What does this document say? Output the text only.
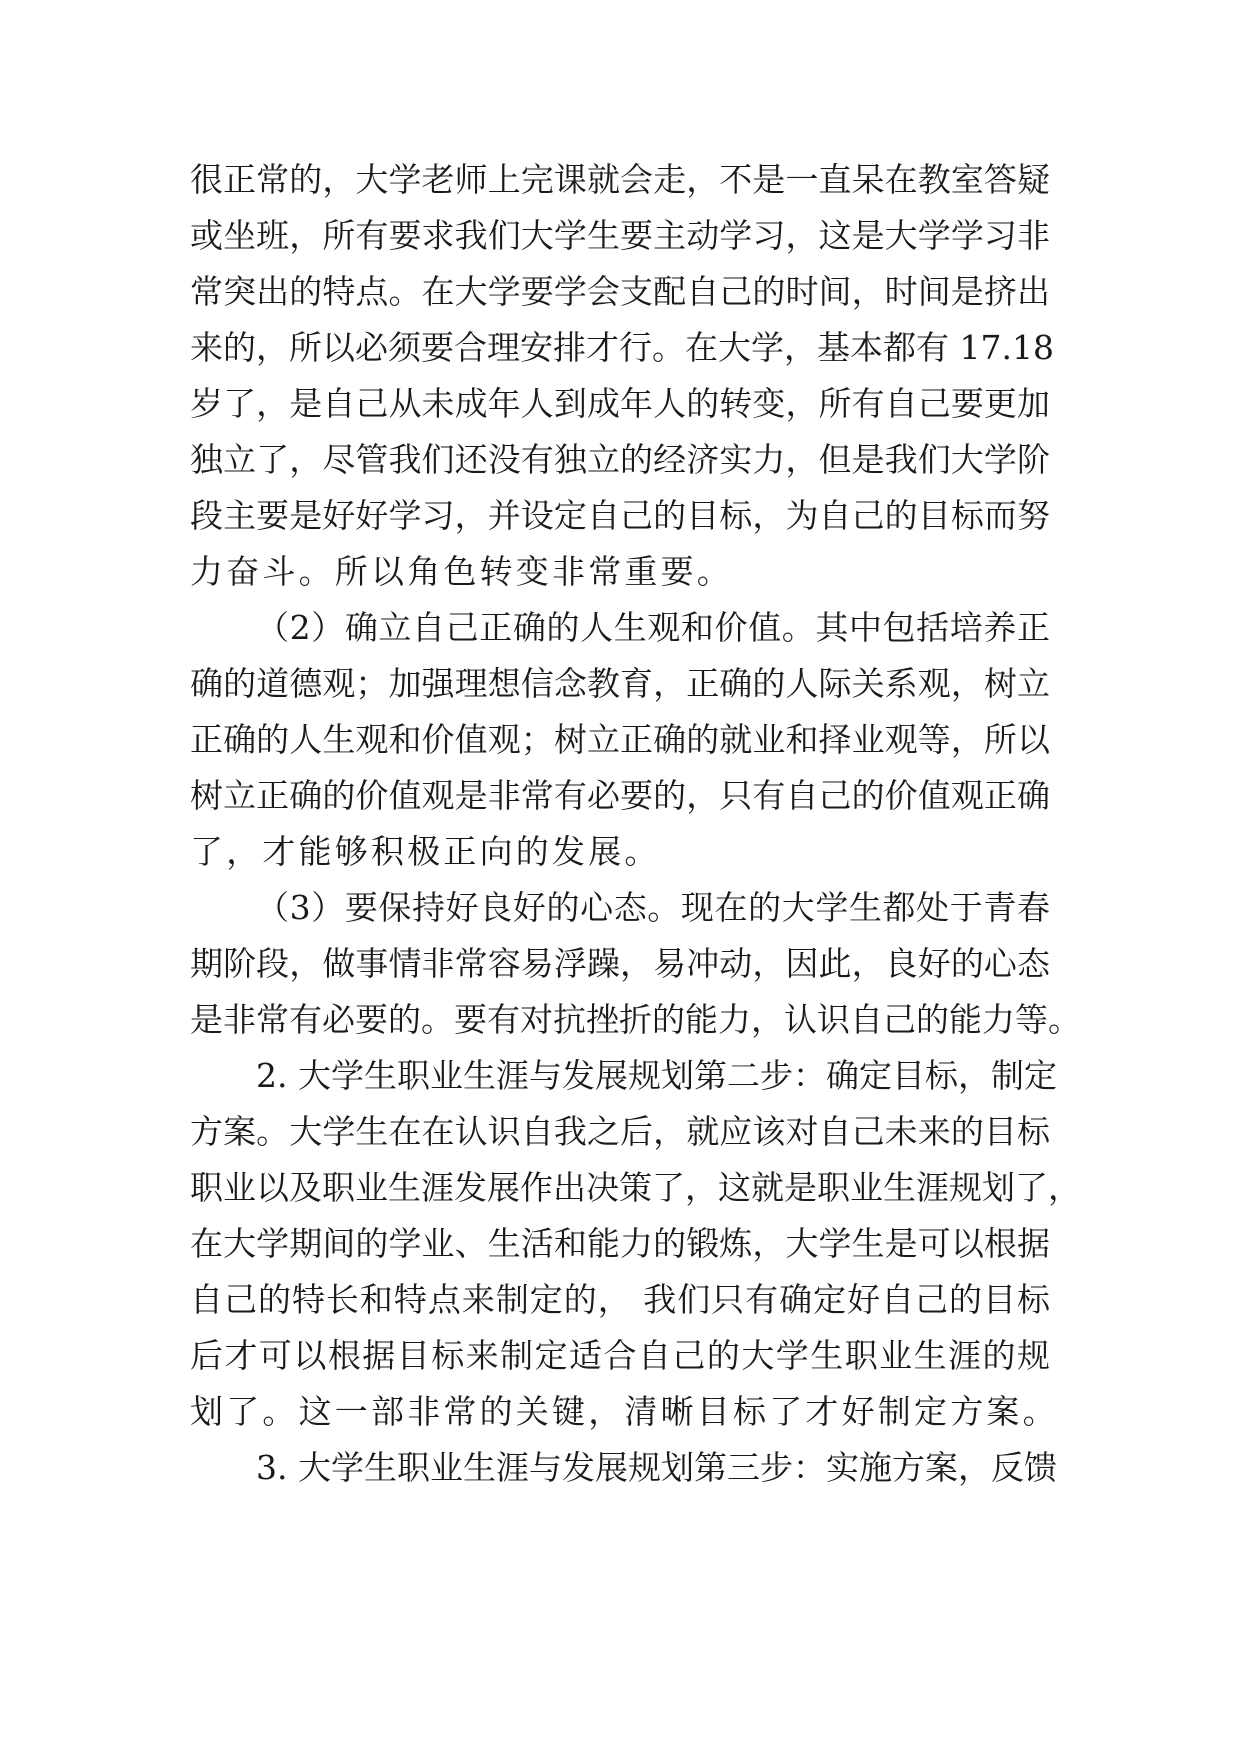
很正常的，大学老师上完课就会走，不是一直呆在教室答疑
或坐班，所有要求我们大学生要主动学习，这是大学学习非
常突出的特点。在大学要学会支配自己的时间，时间是挤出
来的，所以必须要合理安排才行。在大学，基本都有 17.18
岁了，是自己从未成年人到成年人的转变，所有自己要更加
独立了，尽管我们还没有独立的经济实力，但是我们大学阶
段主要是好好学习，并设定自己的目标，为自己的目标而努
力奋斗。所以角色转变非常重要。
（2）确立自己正确的人生观和价值。其中包括培养正
确的道德观；加强理想信念教育，正确的人际关系观，树立
正确的人生观和价值观；树立正确的就业和择业观等，所以
树立正确的价值观是非常有必要的，只有自己的价值观正确
了，才能够积极正向的发展。
（3）要保持好良好的心态。现在的大学生都处于青春
期阶段，做事情非常容易浮躁，易冲动，因此，良好的心态
是非常有必要的。要有对抗挫折的能力，认识自己的能力等。
2. 大学生职业生涯与发展规划第二步：确定目标，制定
方案。大学生在在认识自我之后，就应该对自己未来的目标
职业以及职业生涯发展作出决策了，这就是职业生涯规划了，
在大学期间的学业、生活和能力的锻炼，大学生是可以根据
自己的特长和特点来制定的， 我们只有确定好自己的目标
后才可以根据目标来制定适合自己的大学生职业生涯的规
划了。这一部非常的关键，清晰目标了才好制定方案。
3. 大学生职业生涯与发展规划第三步：实施方案，反馈
